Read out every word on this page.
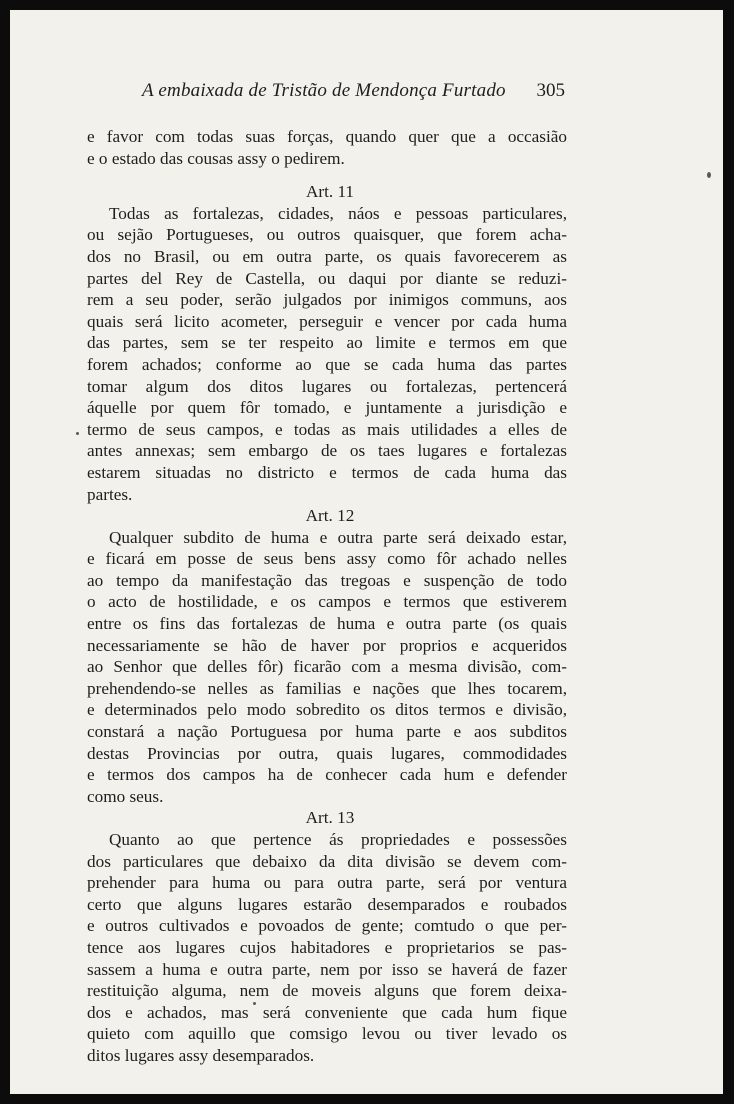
A embaixada de Tristão de Mendonça Furtado 305
e favor com todas suas forças, quando quer que a occasião
e o estado das cousas assy o pedirem.
Art. 11
Todas as fortalezas, cidades, náos e pessoas particulares,
ou sejão Portugueses, ou outros quaisquer, que forem acha-
dos no Brasil, ou em outra parte, os quais favorecerem as
partes del Rey de Castella, ou daqui por diante se reduzi-
rem a seu poder, serão julgados por inimigos communs, aos
quais será licito acometer, perseguir e vencer por cada huma
das partes, sem se ter respeito ao limite e termos em que
forem achados; conforme ao que se cada huma das partes
tomar algum dos ditos lugares ou fortalezas, pertencerá
áquelle por quem fôr tomado, e juntamente a jurisdição e
termo de seus campos, e todas as mais utilidades a elles de
antes annexas; sem embargo de os taes lugares e fortalezas
estarem situadas no districto e termos de cada huma das
partes.
Art. 12
Qualquer subdito de huma e outra parte será deixado estar,
e ficará em posse de seus bens assy como fôr achado nelles
ao tempo da manifestação das tregoas e suspenção de todo
o acto de hostilidade, e os campos e termos que estiverem
entre os fins das fortalezas de huma e outra parte (os quais
necessariamente se hão de haver por proprios e acqueridos
ao Senhor que delles fôr) ficarão com a mesma divisão, com-
prehendendo-se nelles as familias e nações que lhes tocarem,
e determinados pelo modo sobredito os ditos termos e divisão,
constará a nação Portuguesa por huma parte e aos subditos
destas Provincias por outra, quais lugares, commodidades
e termos dos campos ha de conhecer cada hum e defender
como seus.
Art. 13
Quanto ao que pertence ás propriedades e possessões
dos particulares que debaixo da dita divisão se devem com-
prehender para huma ou para outra parte, será por ventura
certo que alguns lugares estarão desemparados e roubados
e outros cultivados e povoados de gente; comtudo o que per-
tence aos lugares cujos habitadores e proprietarios se pas-
sassem a huma e outra parte, nem por isso se haverá de fazer
restituição alguma, nem de moveis alguns que forem deixa-
dos e achados, mas será conveniente que cada hum fique
quieto com aquillo que comsigo levou ou tiver levado os
ditos lugares assy desemparados.
